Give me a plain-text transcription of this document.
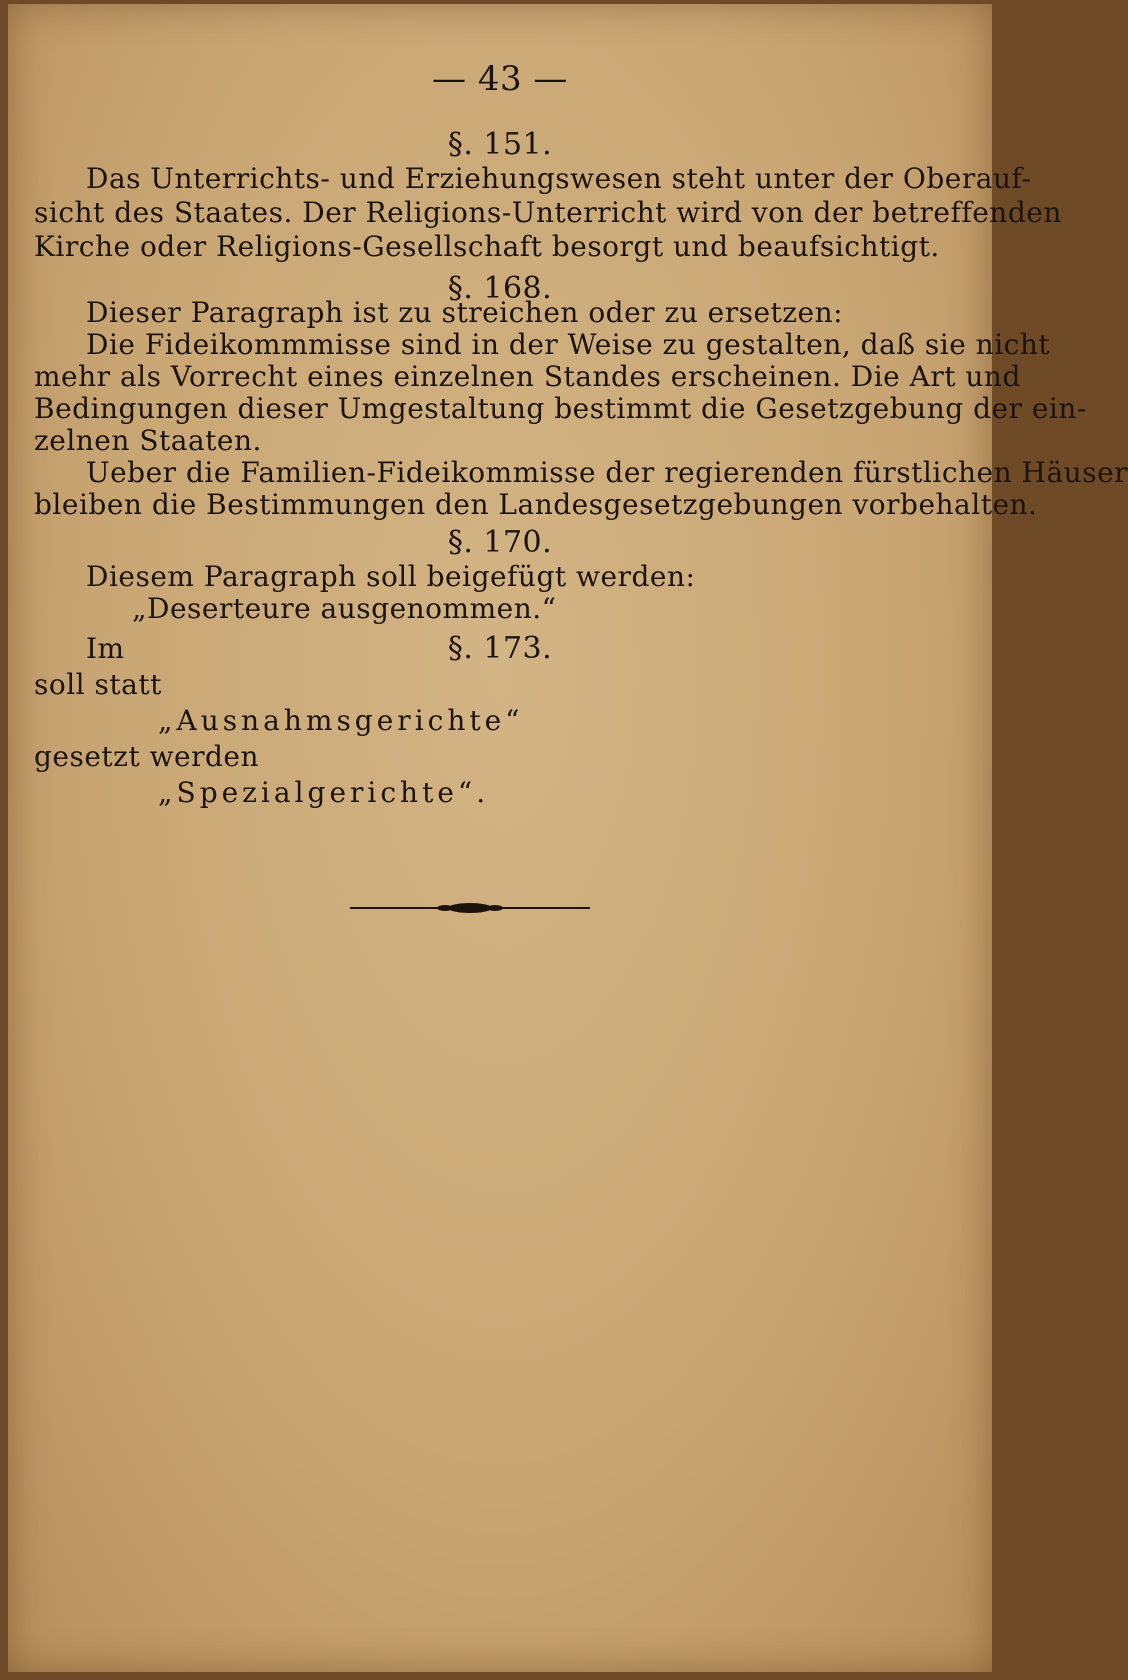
— 43 —
§. 151.
Das Unterrichts- und Erziehungswesen steht unter der Oberauf-
sicht des Staates. Der Religions-Unterricht wird von der betreffenden
Kirche oder Religions-Gesellschaft besorgt und beaufsichtigt.
§. 168.
Dieser Paragraph ist zu streichen oder zu ersetzen:
Die Fideikommmisse sind in der Weise zu gestalten, daß sie nicht
mehr als Vorrecht eines einzelnen Standes erscheinen. Die Art und
Bedingungen dieser Umgestaltung bestimmt die Gesetzgebung der ein-
zelnen Staaten.
Ueber die Familien-Fideikommisse der regierenden fürstlichen Häuser
bleiben die Bestimmungen den Landesgesetzgebungen vorbehalten.
§. 170.
Diesem Paragraph soll beigefügt werden:
„Deserteure ausgenommen.“
Im	§. 173.
soll statt
„Ausnahmsgerichte“
gesetzt werden
„Spezialgerichte“.
